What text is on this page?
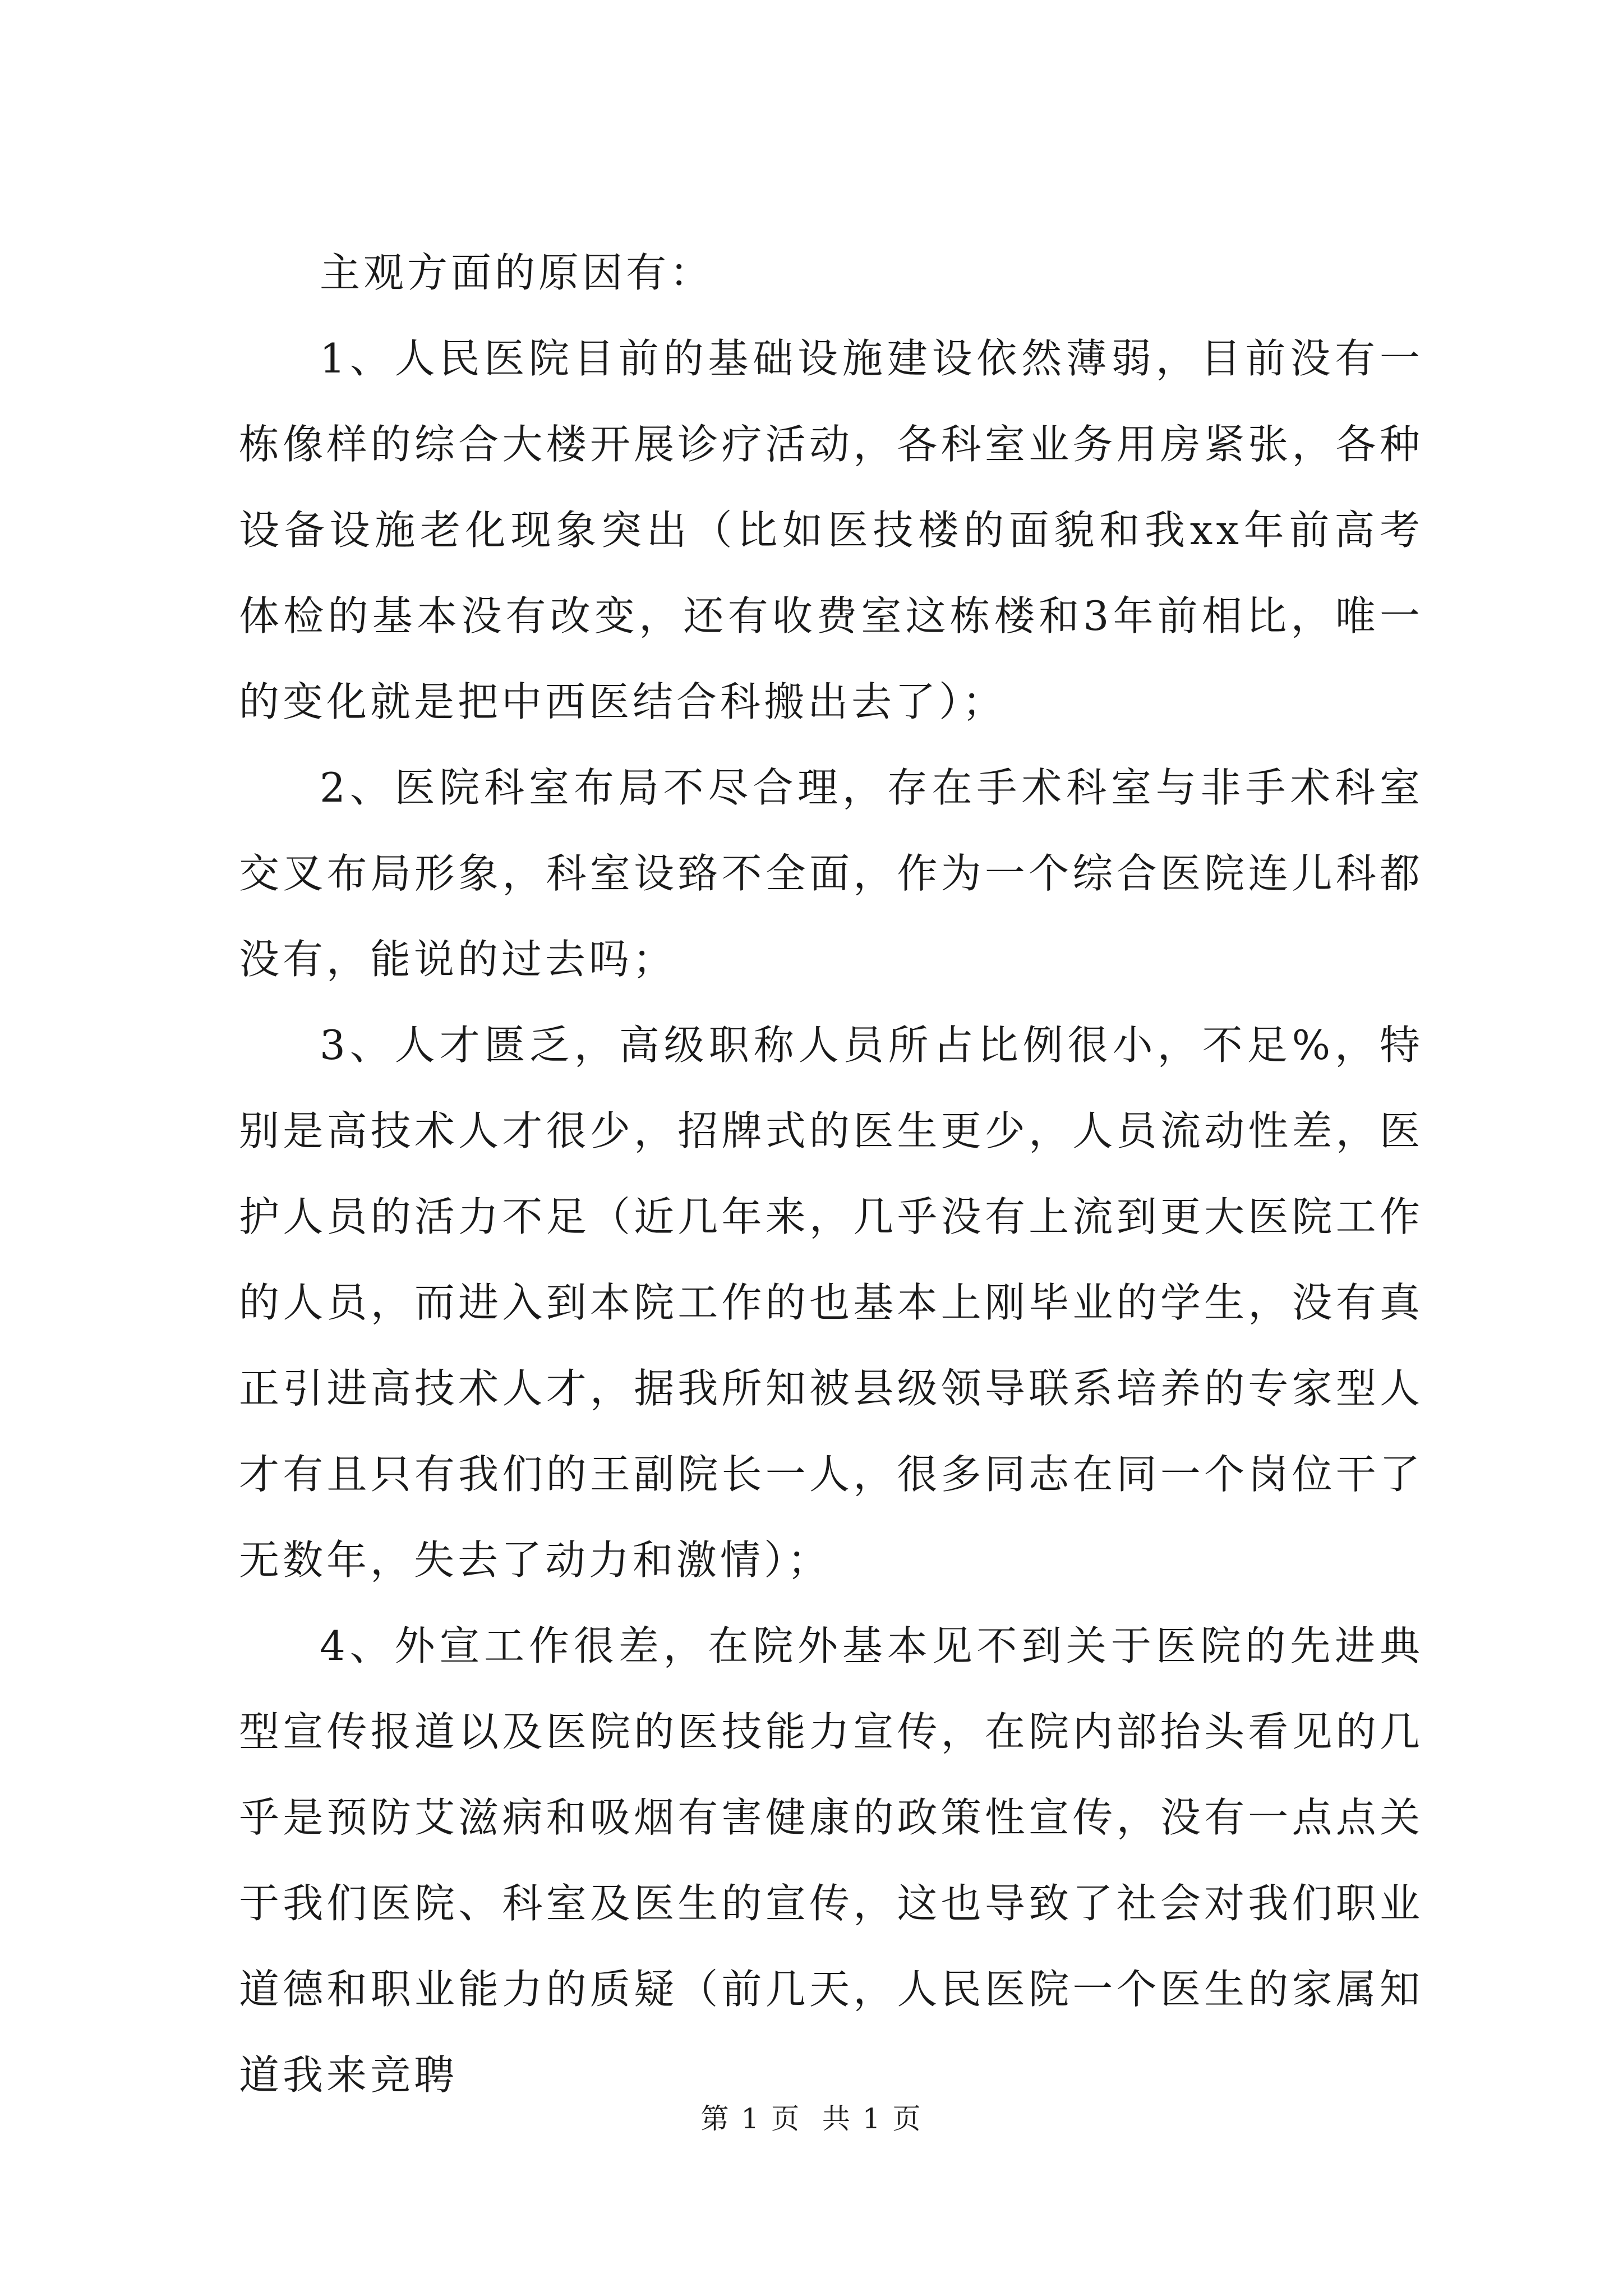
主观方面的原因有：

1、人民医院目前的基础设施建设依然薄弱，目前没有一栋像样的综合大楼开展诊疗活动，各科室业务用房紧张，各种设备设施老化现象突出（比如医技楼的面貌和我xx年前高考体检的基本没有改变，还有收费室这栋楼和3年前相比，唯一的变化就是把中西医结合科搬出去了）；

2、医院科室布局不尽合理，存在手术科室与非手术科室交叉布局形象，科室设臵不全面，作为一个综合医院连儿科都没有，能说的过去吗；

3、人才匮乏，高级职称人员所占比例很小，不足%，特别是高技术人才很少，招牌式的医生更少，人员流动性差，医护人员的活力不足（近几年来，几乎没有上流到更大医院工作的人员，而进入到本院工作的也基本上刚毕业的学生，没有真正引进高技术人才，据我所知被县级领导联系培养的专家型人才有且只有我们的王副院长一人，很多同志在同一个岗位干了无数年，失去了动力和激情）；

4、外宣工作很差，在院外基本见不到关于医院的先进典型宣传报道以及医院的医技能力宣传，在院内部抬头看见的几乎是预防艾滋病和吸烟有害健康的政策性宣传，没有一点点关于我们医院、科室及医生的宣传，这也导致了社会对我们职业道德和职业能力的质疑（前几天，人民医院一个医生的家属知道我来竞聘

第 1 页  共 1 页
